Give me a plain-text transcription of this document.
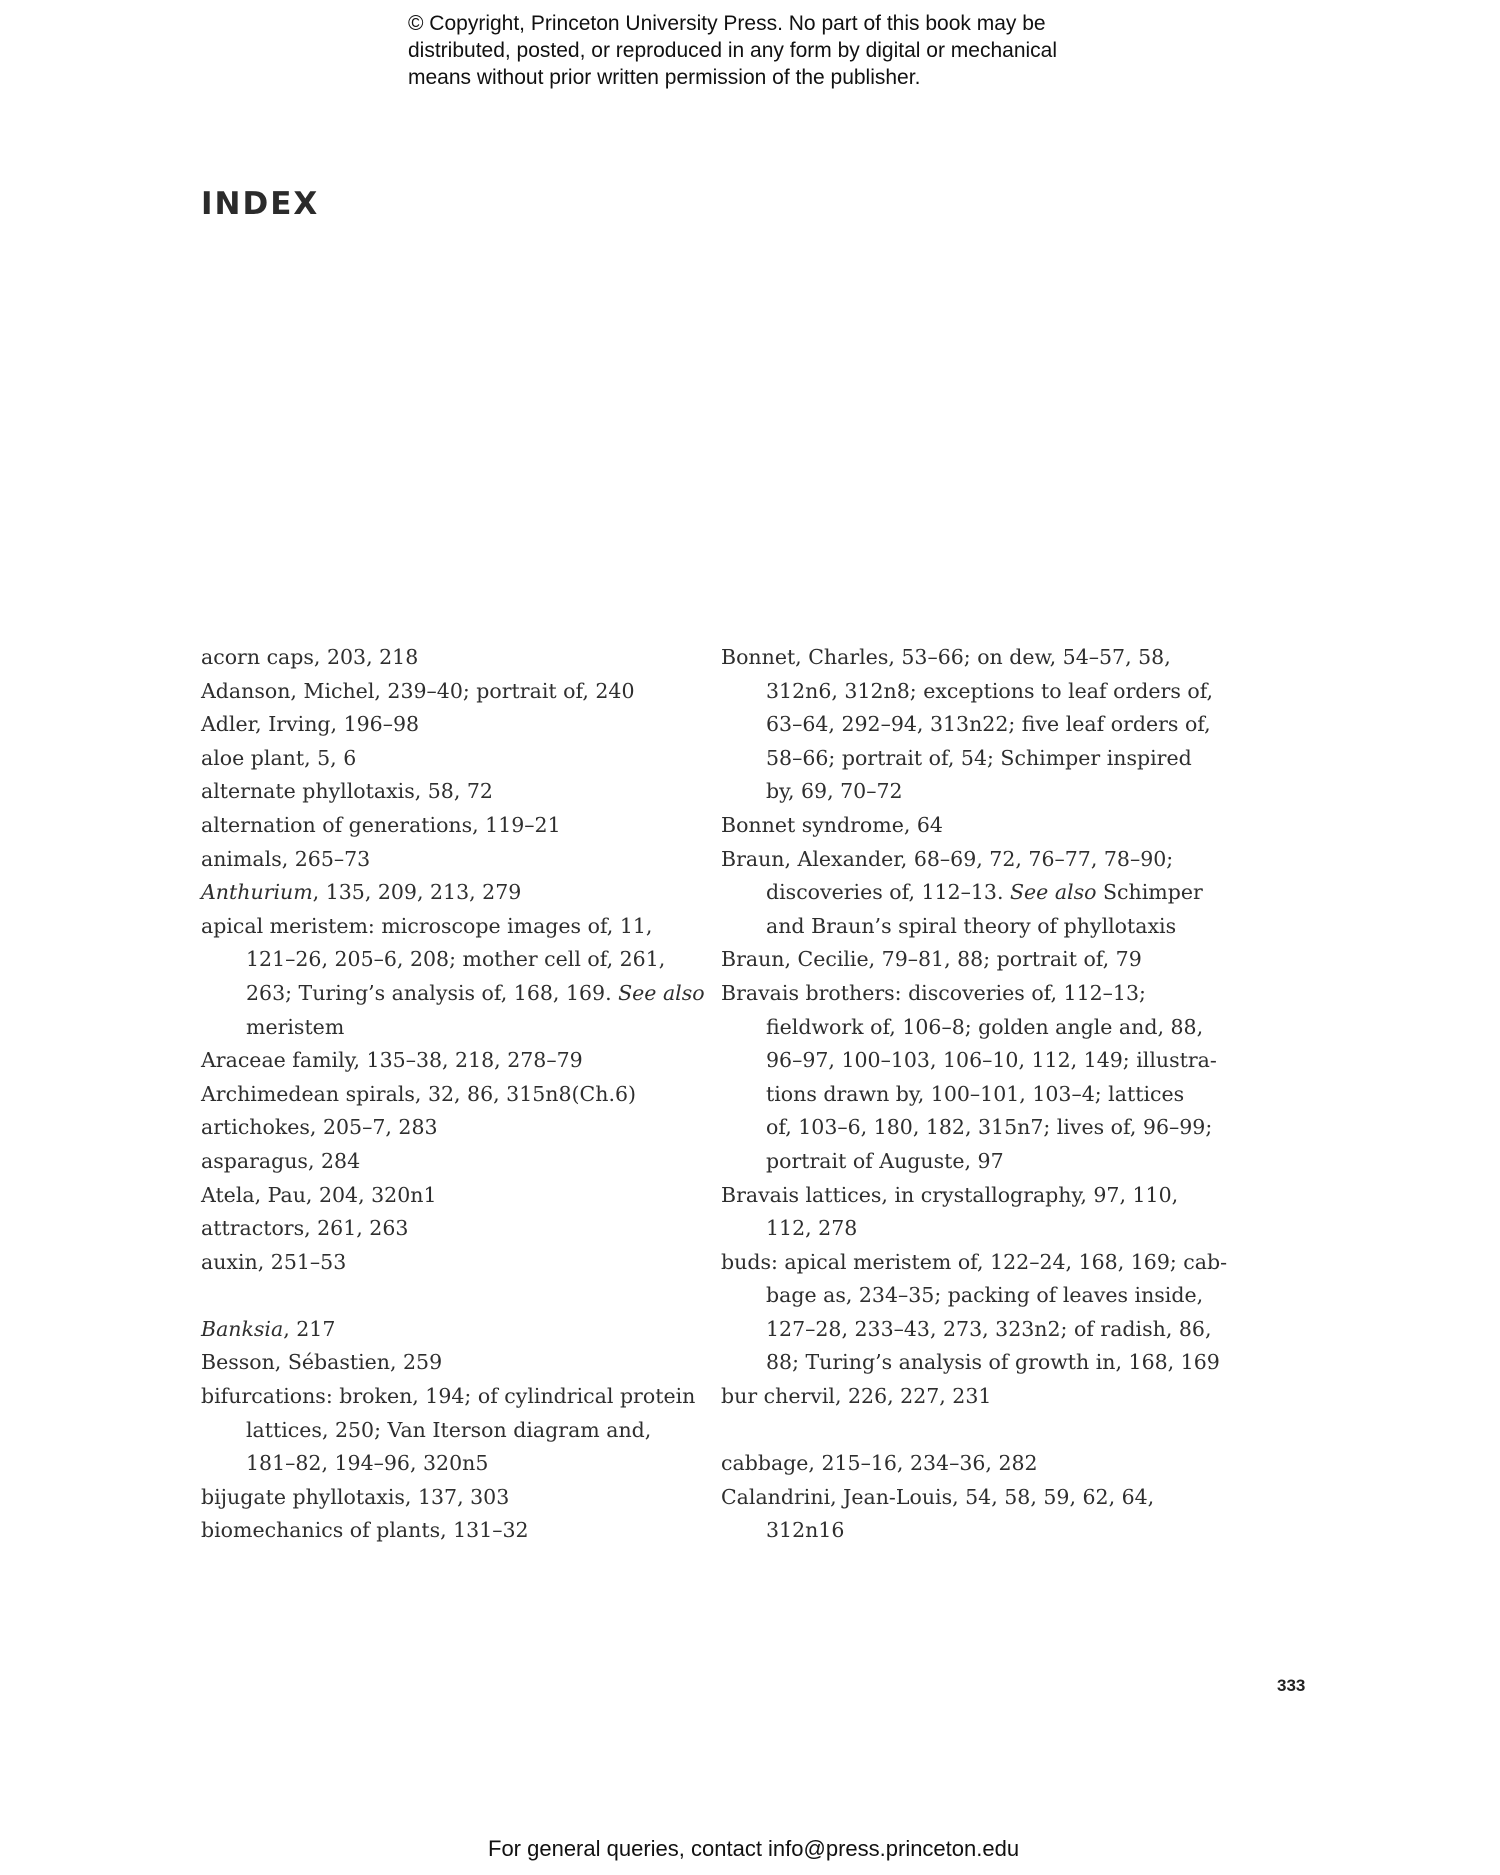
© Copyright, Princeton University Press. No part of this book may be
distributed, posted, or reproduced in any form by digital or mechanical
means without prior written permission of the publisher.
INDEX
acorn caps, 203, 218
Adanson, Michel, 239–40; portrait of, 240
Adler, Irving, 196–98
aloe plant, 5, 6
alternate phyllotaxis, 58, 72
alternation of generations, 119–21
animals, 265–73
Anthurium, 135, 209, 213, 279
apical meristem: microscope images of, 11,
121–26, 205–6, 208; mother cell of, 261,
263; Turing’s analysis of, 168, 169. See also
meristem
Araceae family, 135–38, 218, 278–79
Archimedean spirals, 32, 86, 315n8(Ch.6)
artichokes, 205–7, 283
asparagus, 284
Atela, Pau, 204, 320n1
attractors, 261, 263
auxin, 251–53
Banksia, 217
Besson, Sébastien, 259
bifurcations: broken, 194; of cylindrical protein
lattices, 250; Van Iterson diagram and,
181–82, 194–96, 320n5
bijugate phyllotaxis, 137, 303
biomechanics of plants, 131–32
Bonnet, Charles, 53–66; on dew, 54–57, 58,
312n6, 312n8; exceptions to leaf orders of,
63–64, 292–94, 313n22; five leaf orders of,
58–66; portrait of, 54; Schimper inspired
by, 69, 70–72
Bonnet syndrome, 64
Braun, Alexander, 68–69, 72, 76–77, 78–90;
discoveries of, 112–13. See also Schimper
and Braun’s spiral theory of phyllotaxis
Braun, Cecilie, 79–81, 88; portrait of, 79
Bravais brothers: discoveries of, 112–13;
fieldwork of, 106–8; golden angle and, 88,
96–97, 100–103, 106–10, 112, 149; illustra-
tions drawn by, 100–101, 103–4; lattices
of, 103–6, 180, 182, 315n7; lives of, 96–99;
portrait of Auguste, 97
Bravais lattices, in crystallography, 97, 110,
112, 278
buds: apical meristem of, 122–24, 168, 169; cab-
bage as, 234–35; packing of leaves inside,
127–28, 233–43, 273, 323n2; of radish, 86,
88; Turing’s analysis of growth in, 168, 169
bur chervil, 226, 227, 231
cabbage, 215–16, 234–36, 282
Calandrini, Jean-Louis, 54, 58, 59, 62, 64,
312n16
333
For general queries, contact info@press.princeton.edu
